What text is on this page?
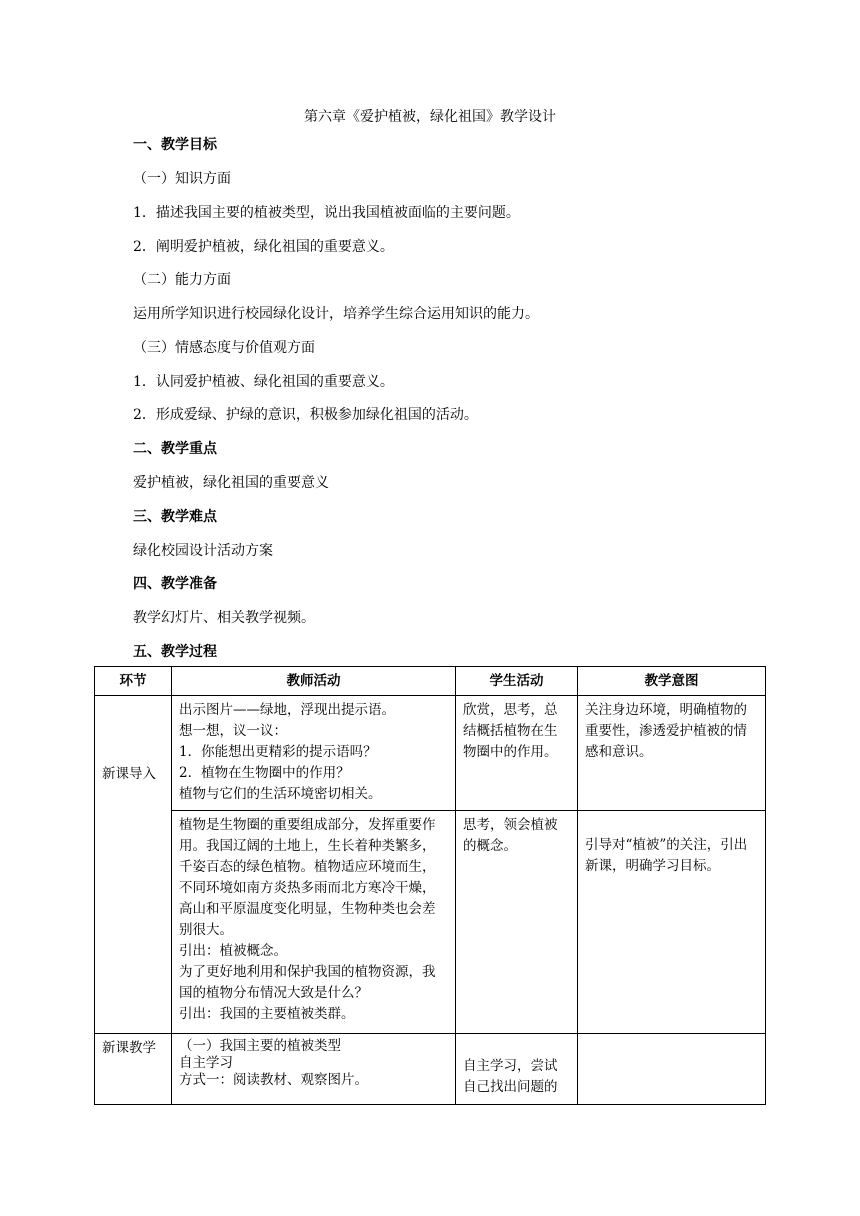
第六章《爱护植被，绿化祖国》教学设计
一、教学目标
（一）知识方面
1．描述我国主要的植被类型，说出我国植被面临的主要问题。
2．阐明爱护植被，绿化祖国的重要意义。
（二）能力方面
运用所学知识进行校园绿化设计，培养学生综合运用知识的能力。
（三）情感态度与价值观方面
1．认同爱护植被、绿化祖国的重要意义。
2．形成爱绿、护绿的意识，积极参加绿化祖国的活动。
二、教学重点
爱护植被，绿化祖国的重要意义
三、教学难点
绿化校园设计活动方案
四、教学准备
教学幻灯片、相关教学视频。
五、教学过程
环节	教师活动	学生活动	教学意图
新课导入	出示图片——绿地，浮现出提示语。
想一想，议一议：
1．你能想出更精彩的提示语吗？
2．植物在生物圈中的作用？
植物与它们的生活环境密切相关。	欣赏，思考，总结概括植物在生物圈中的作用。	关注身边环境，明确植物的重要性，渗透爱护植被的情感和意识。

	植物是生物圈的重要组成部分，发挥重要作用。我国辽阔的土地上，生长着种类繁多，千姿百态的绿色植物。植物适应环境而生，不同环境如南方炎热多雨而北方寒冷干燥，高山和平原温度变化明显，生物种类也会差别很大。
引出：植被概念。
为了更好地利用和保护我国的植物资源，我国的植物分布情况大致是什么？
引出：我国的主要植被类群。	思考，领会植被的概念。	引导对“植被”的关注，引出新课，明确学习目标。
新课教学	（一）我国主要的植被类型
自主学习
方式一：阅读教材、观察图片。	自主学习，尝试自己找出问题的	
